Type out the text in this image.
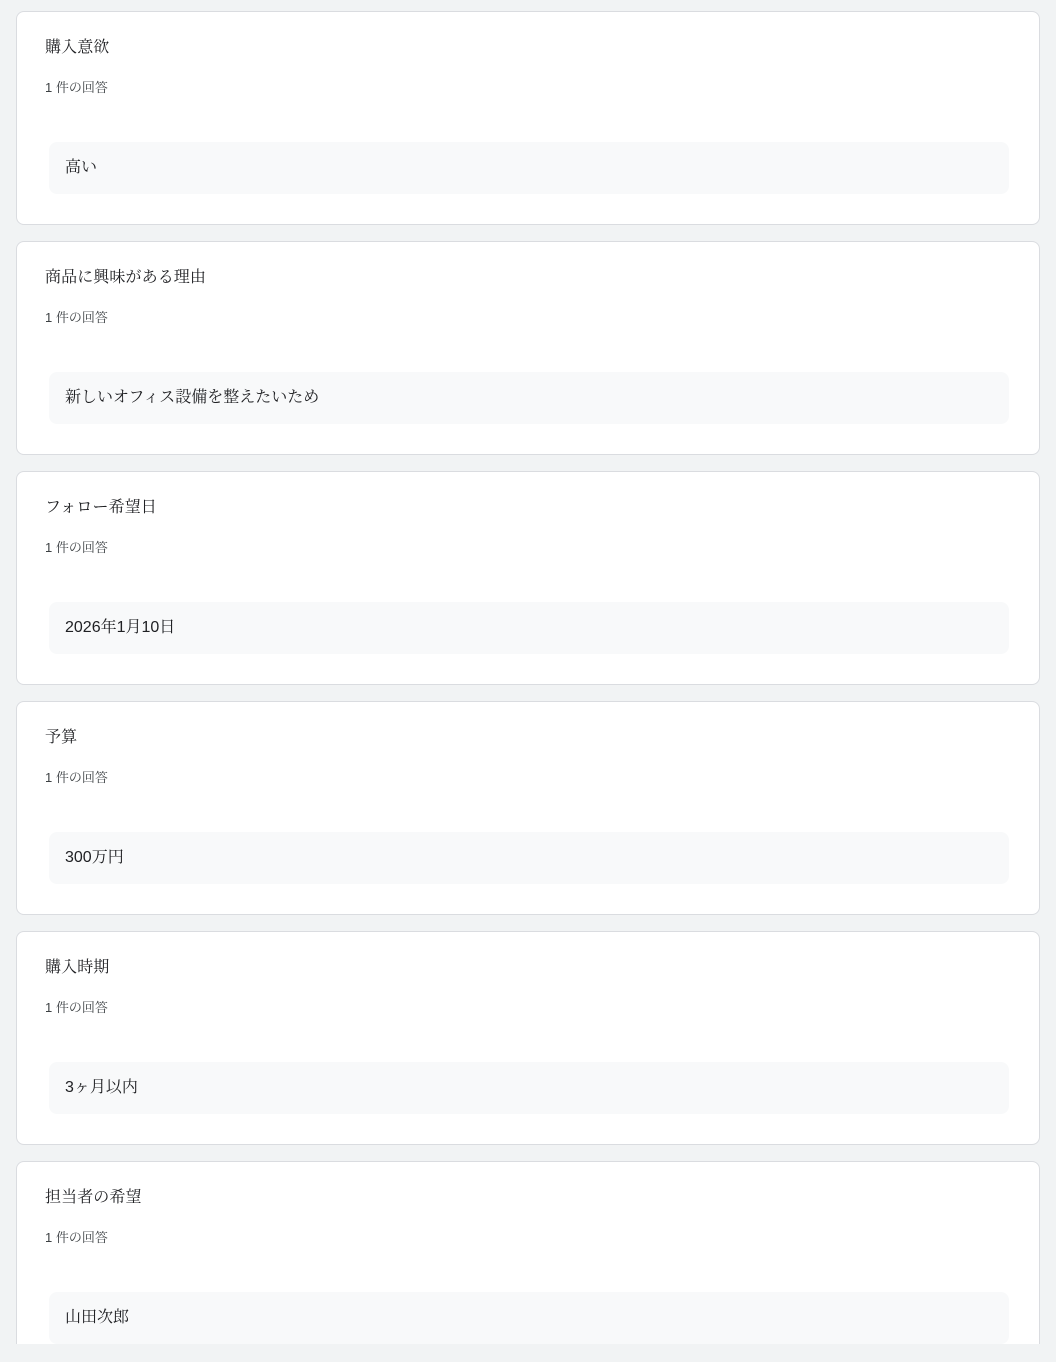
購入意欲
1 件の回答
高い
商品に興味がある理由
1 件の回答
新しいオフィス設備を整えたいため
フォロー希望日
1 件の回答
2026年1月10日
予算
1 件の回答
300万円
購入時期
1 件の回答
3ヶ月以内
担当者の希望
1 件の回答
山田次郎
